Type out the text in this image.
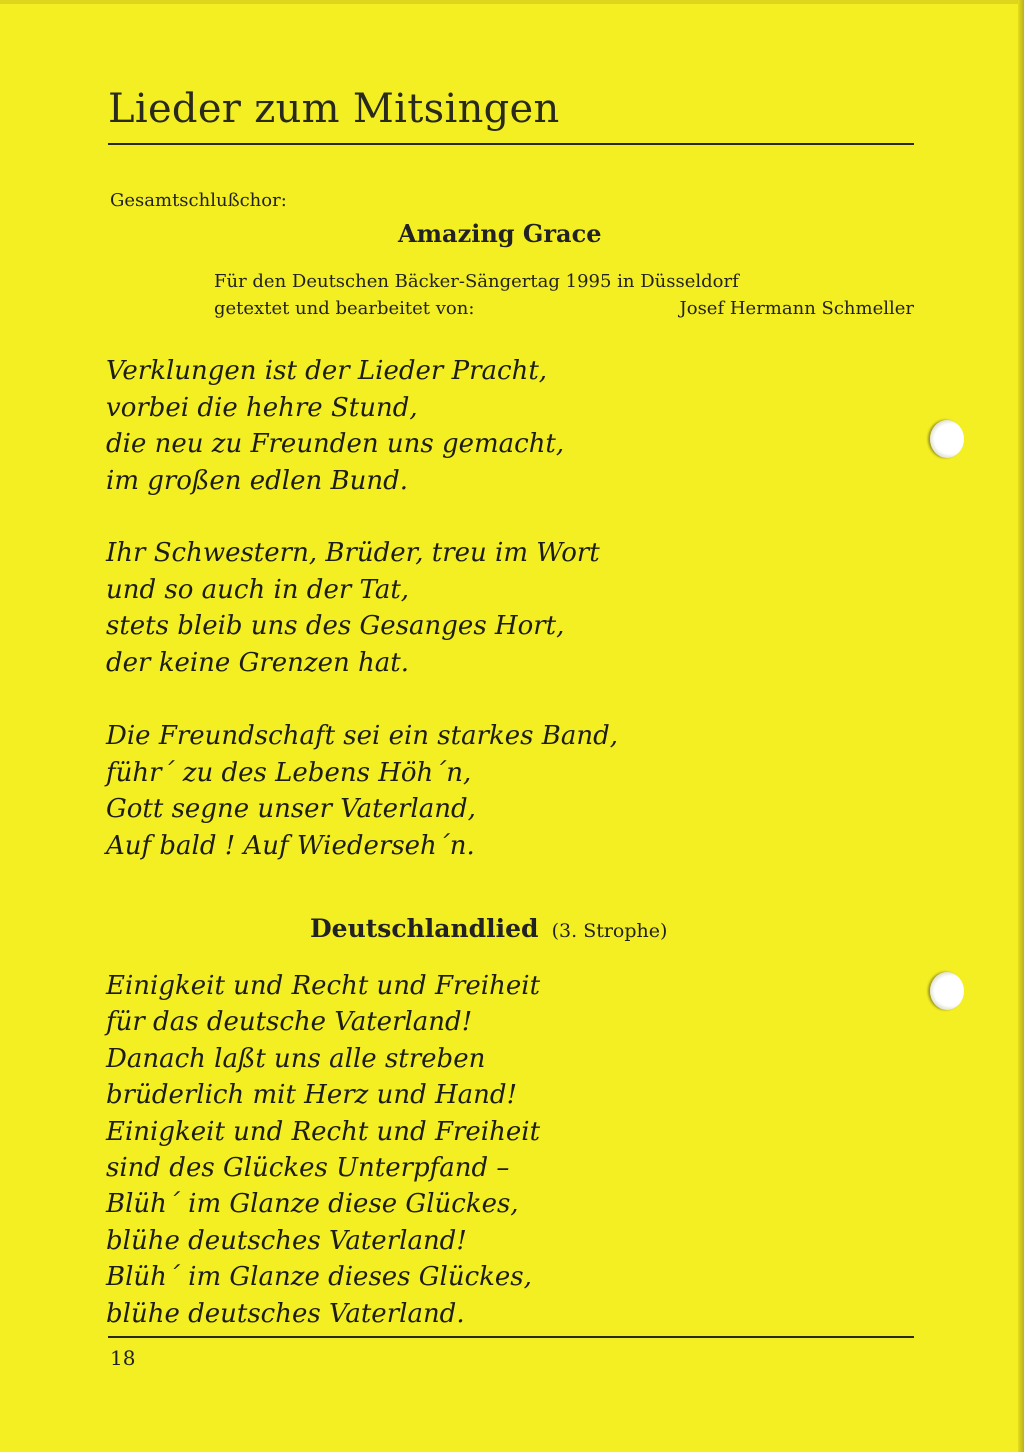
Lieder zum Mitsingen
Gesamtschlußchor:
Amazing Grace
Für den Deutschen Bäcker-Sängertag 1995 in Düsseldorf
getextet und bearbeitet von:	Josef Hermann Schmeller
Verklungen ist der Lieder Pracht,
vorbei die hehre Stund,
die neu zu Freunden uns gemacht,
im großen edlen Bund.
Ihr Schwestern, Brüder, treu im Wort
und so auch in der Tat,
stets bleib uns des Gesanges Hort,
der keine Grenzen hat.
Die Freundschaft sei ein starkes Band,
führ´ zu des Lebens Höh´n,
Gott segne unser Vaterland,
Auf bald ! Auf Wiederseh´n.
Deutschlandlied (3. Strophe)
Einigkeit und Recht und Freiheit
für das deutsche Vaterland!
Danach laßt uns alle streben
brüderlich mit Herz und Hand!
Einigkeit und Recht und Freiheit
sind des Glückes Unterpfand –
Blüh´ im Glanze diese Glückes,
blühe deutsches Vaterland!
Blüh´ im Glanze dieses Glückes,
blühe deutsches Vaterland.
18
